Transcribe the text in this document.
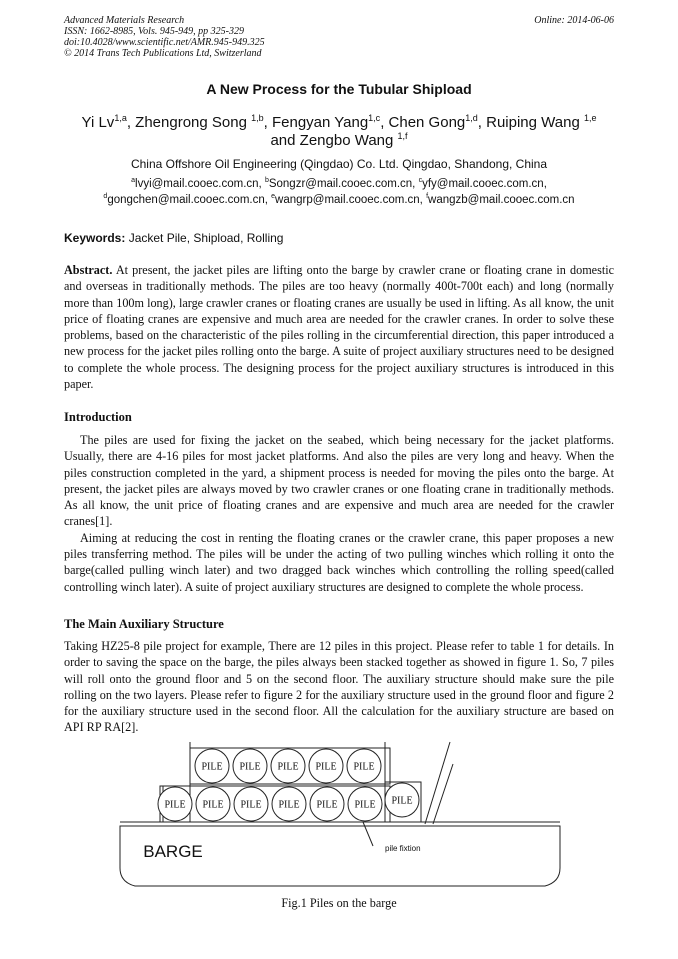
Advanced Materials Research
ISSN: 1662-8985, Vols. 945-949, pp 325-329
doi:10.4028/www.scientific.net/AMR.945-949.325
© 2014 Trans Tech Publications Ltd, Switzerland
Online: 2014-06-06
A New Process for the Tubular Shipload
Yi Lv$^{1,a}$, Zhengrong Song $^{1,b}$, Fengyan Yang$^{1,c}$, Chen Gong$^{1,d}$, Ruiping Wang $^{1,e}$
and Zengbo Wang $^{1,f}$
China Offshore Oil Engineering (Qingdao) Co. Ltd. Qingdao, Shandong, China
$^a$lvyi@mail.cooec.com.cn, $^b$Songzr@mail.cooec.com.cn, $^c$yfy@mail.cooec.com.cn,
$^d$gongchen@mail.cooec.com.cn, $^e$wangrp@mail.cooec.com.cn, $^f$wangzb@mail.cooec.com.cn
Keywords: Jacket Pile, Shipload, Rolling

Abstract. At present, the jacket piles are lifting onto the barge by crawler crane or floating crane in domestic and overseas in traditionally methods. The piles are too heavy (normally 400t-700t each) and long (normally more than 100m long), large crawler cranes or floating cranes are usually be used in lifting. As all know, the unit price of floating cranes are expensive and much area are needed for the crawler cranes. In order to solve these problems, based on the characteristic of the piles rolling in the circumferential direction, this paper introduced a new process for the jacket piles rolling onto the barge. A suite of project auxiliary structures need to be designed to complete the whole process. The designing process for the project auxiliary structures is introduced in this paper.

Introduction

The piles are used for fixing the jacket on the seabed, which being necessary for the jacket platforms. Usually, there are 4-16 piles for most jacket platforms. And also the piles are very long and heavy. When the piles construction completed in the yard, a shipment process is needed for moving the piles onto the barge. At present, the jacket piles are always moved by two crawler cranes or one floating crane in traditionally methods. As all know, the unit price of floating cranes and are expensive and much area are needed for the crawler cranes[1].

Aiming at reducing the cost in renting the floating cranes or the crawler crane, this paper proposes a new piles transferring method. The piles will be under the acting of two pulling winches which rolling it onto the barge(called pulling winch later) and two dragged back winches which controlling the rolling speed(called controlling winch later). A suite of project auxiliary structures are designed to complete the whole process.

The Main Auxiliary Structure

Taking HZ25-8 pile project for example, There are 12 piles in this project. Please refer to table 1 for details. In order to saving the space on the barge, the piles always been stacked together as showed in figure 1. So, 7 piles will roll onto the ground floor and 5 on the second floor. The auxiliary structure should make sure the pile rolling on the two layers. Please refer to figure 2 for the auxiliary structure used in the ground floor and figure 2 for the auxiliary structure used in the second floor. All the calculation for the auxiliary structure are based on API RP RA[2].

PILE PILE PILE PILE PILE
PILE PILE PILE PILE PILE PILE PILE
BARGE	pile fixtion
Fig.1 Piles on the barge
